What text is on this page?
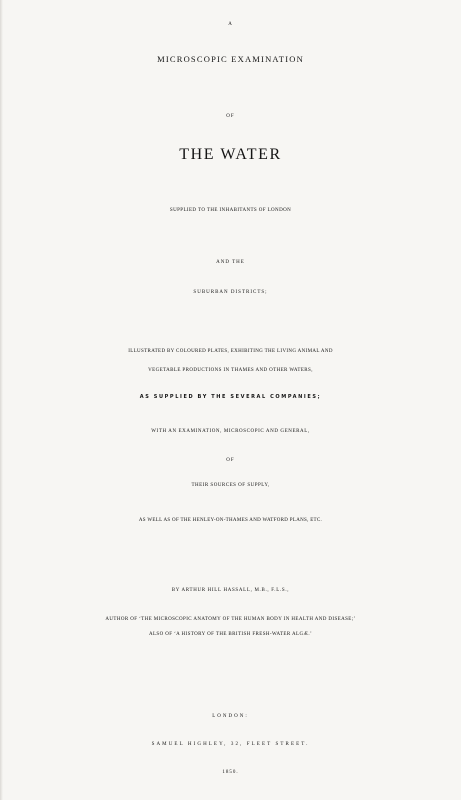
A
MICROSCOPIC EXAMINATION
OF
THE WATER
SUPPLIED TO THE INHABITANTS OF LONDON
AND THE
SUBURBAN DISTRICTS;
ILLUSTRATED BY COLOURED PLATES, EXHIBITING THE LIVING ANIMAL AND
VEGETABLE PRODUCTIONS IN THAMES AND OTHER WATERS,
AS SUPPLIED BY THE SEVERAL COMPANIES;
WITH AN EXAMINATION, MICROSCOPIC AND GENERAL,
OF
THEIR SOURCES OF SUPPLY,
AS WELL AS OF THE HENLEY-ON-THAMES AND WATFORD PLANS, ETC.
BY ARTHUR HILL HASSALL, M.B., F.L.S.,
AUTHOR OF ‘THE MICROSCOPIC ANATOMY OF THE HUMAN BODY IN HEALTH AND DISEASE;’
ALSO OF ‘A HISTORY OF THE BRITISH FRESH-WATER ALGÆ.’
LONDON:
SAMUEL HIGHLEY, 32, FLEET STREET.
1850.
